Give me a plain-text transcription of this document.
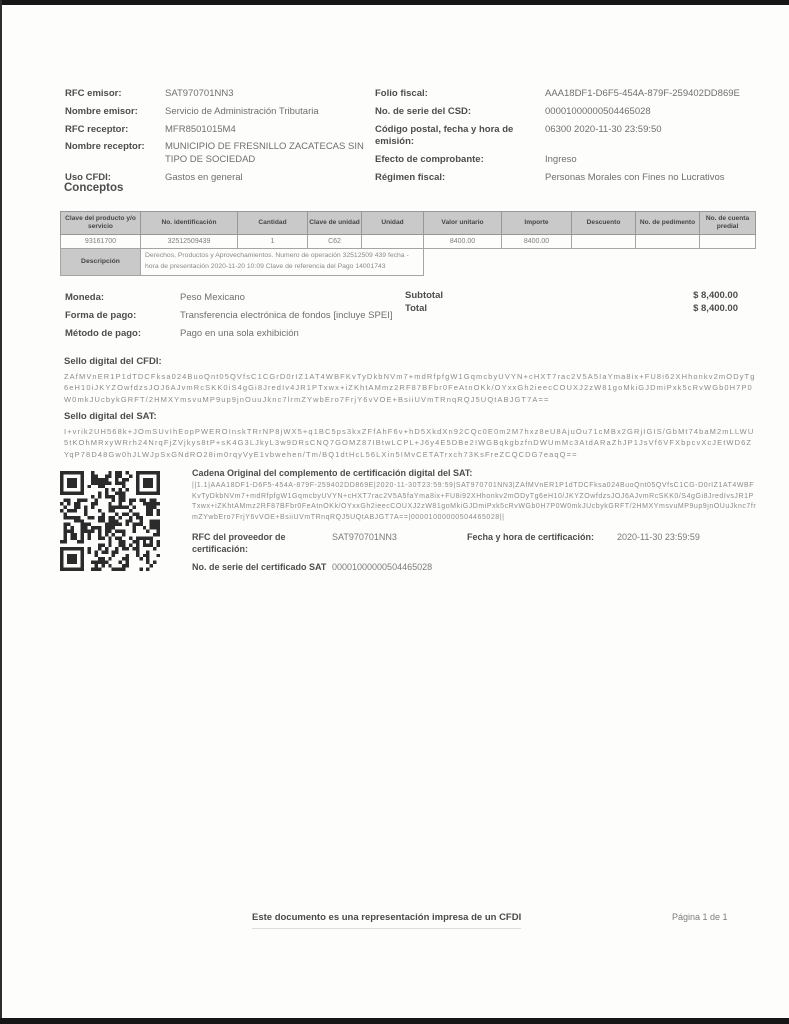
RFC emisor:	SAT970701NN3
Nombre emisor:	Servicio de Administración Tributaria
RFC receptor:	MFR8501015M4
Nombre receptor:	MUNICIPIO DE FRESNILLO ZACATECAS SIN TIPO DE SOCIEDAD
Uso CFDI:	Gastos en general
Folio fiscal:	AAA18DF1-D6F5-454A-879F-259402DD869E
No. de serie del CSD:	00001000000504465028
Código postal, fecha y hora de emisión:
06300 2020-11-30 23:59:50
Efecto de comprobante:	Ingreso
Régimen fiscal:	Personas Morales con Fines no Lucrativos
Conceptos
Clave del producto y/o servicio	No. identificación	Cantidad	Clave de unidad	Unidad	Valor unitario	Importe	Descuento	No. de pedimento	No. de cuenta predial
93161700	32512509439	1	C62		8400.00	8400.00			
Descripción	Derechos, Productos y Aprovechamientos. Numero de operación 32512509 439 fecha - hora de presentación 2020-11-20 10:09 Clave de referencia del Pago 14001743								
Moneda:	Peso Mexicano
Forma de pago:	Transferencia electrónica de fondos [incluye SPEI]
Método de pago:	Pago en una sola exhibición
Subtotal	$ 8,400.00
Total	$ 8,400.00
Sello digital del CFDI:
ZAfMVnER1P1dTDCFksa024BuoQnt05QVfsC1CGrD0rIZ1AT4WBFKvTyDkbNVm7+mdRfpfgW1GqmcbyUVYN+cHXT7rac2V5A5IaYma8ix+FU8i62XHhonkv2mODyTg6eH10iJKYZOwfdzsJOJ6AJvmRcSKK0iS4gGi8JredIv4JR1PTxwx+iZKhtAMmz2RF87BFbr0FeAtnOKk/OYxxGh2ieecCOUXJ2zW81goMkiGJDmiPxk5cRvWGb0H7P0W0mkJUcbykGRFT/2HMXYmsvuMP9up9jnOuuJknc7lrmZYwbEro7FrjY6vVOE+BsiiUVmTRnqRQJ5UQtABJGT7A==
Sello digital del SAT:
I+vrik2UH568k+JOmSUvIhEopPWEROInskTRrNP8jWX5+q1BC5ps3kxZFfAhF6v+hD5XkdXn92CQc0E0m2M7hxz8eU8AjuOu71cMBx2GRjIGIS/GbMt74baM2mLLWU5tKOhMRxyWRrh24NrqFjZVjkys8tP+sK4G3LJkyL3w9DRsCNQ7GOMZ87IBtwLCPL+J6y4E5DBe2IWGBqkgbzfnDWUmMc3AtdARaZhJP1JsVf6VFXbpcvXcJEtWD6ZYqP78D48Gw0hJLWJpSxGNdRO28im0rqyVyE1vbwehen/Tm/BQ1dtHcL56LXin5IMvCETATrxch73KsFreZCQCDG7eaqQ==
Cadena Original del complemento de certificación digital del SAT:
||1.1|AAA18DF1-D6F5-454A-879F-259402DD869E|2020-11-30T23:59:59|SAT970701NN3|ZAfMVnER1P1dTDCFksa024BuoQnt05QVfsC1CG-D0rIZ1AT4WBFKvTyDkbNVm7+mdRfpfgW1GqmcbyUVYN+cHXT7rac2V5A5faYma8ix+FU8i92XHhonkv2mODyTg6eH10/JKYZOwfdzsJOJ6AJvmRcSKK0/S4gGi8JredIvsJR1PTxwx+iZKhtAMmz2RF87BFbr0FeAtnOKk/OYxxGh2ieecCOUXJ2zW81goMkiGJDmiPxk5cRvWGb0H7P0W0mkJUcbykGRFT/2HMXYmsvuMP9up9jnOUuJknc7frmZYwbEro7FrjY6vVOE+BsiiUVmTRnqRQJ5UQtABJGT7A==|00001000000504465028||
RFC del proveedor de certificación:
SAT970701NN3	Fecha y hora de certificación:	2020-11-30 23:59:59
No. de serie del certificado SAT 00001000000504465028
Este documento es una representación impresa de un CFDI	Página 1 de 1
